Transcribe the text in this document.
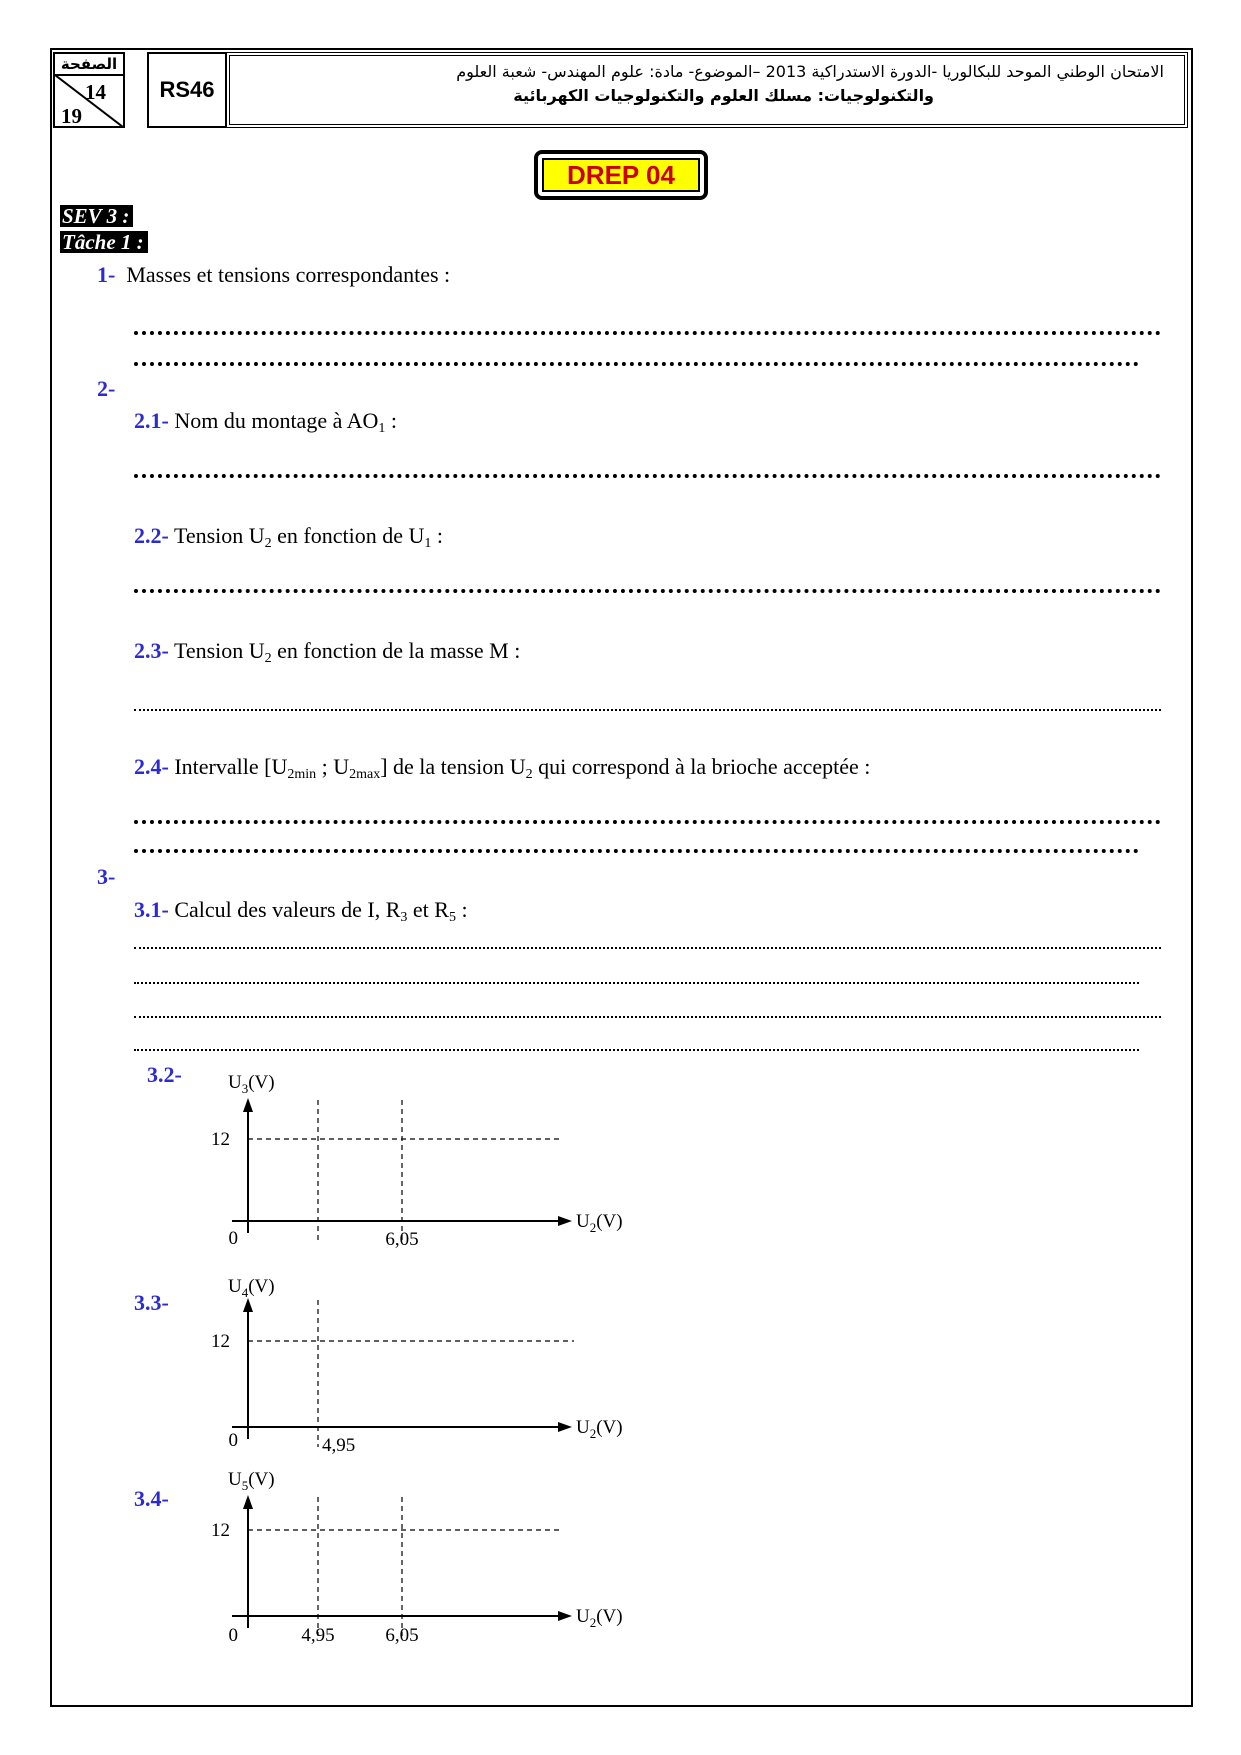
الصفحة
14
19
RS46
الامتحان الوطني الموحد للبكالوريا -الدورة الاستدراكية 2013 –الموضوع- مادة: علوم المهندس- شعبة العلوم
والتكنولوجيات: مسلك العلوم والتكنولوجيات الكهربائية
DREP 04
SEV 3 :
Tâche 1 :
1- Masses et tensions correspondantes :
2-
2.1- Nom du montage à $AO_1$ :
2.2- Tension $U_2$ en fonction de $U_1$ :
2.3- Tension $U_2$ en fonction de la masse M :
2.4- Intervalle [$U_{2min}$ ; $U_{2max}$] de la tension $U_2$ qui correspond à la brioche acceptée :
3-
3.1- Calcul des valeurs de I, $R_3$ et $R_5$ :
3.2-
3.3-
3.4-
12
0	6,05
$U_3(V)$
$U_2(V)$
12
0	4,95
$U_4(V)$
$U_2(V)$
12
0	4,95	6,05
$U_5(V)$
$U_2(V)$
